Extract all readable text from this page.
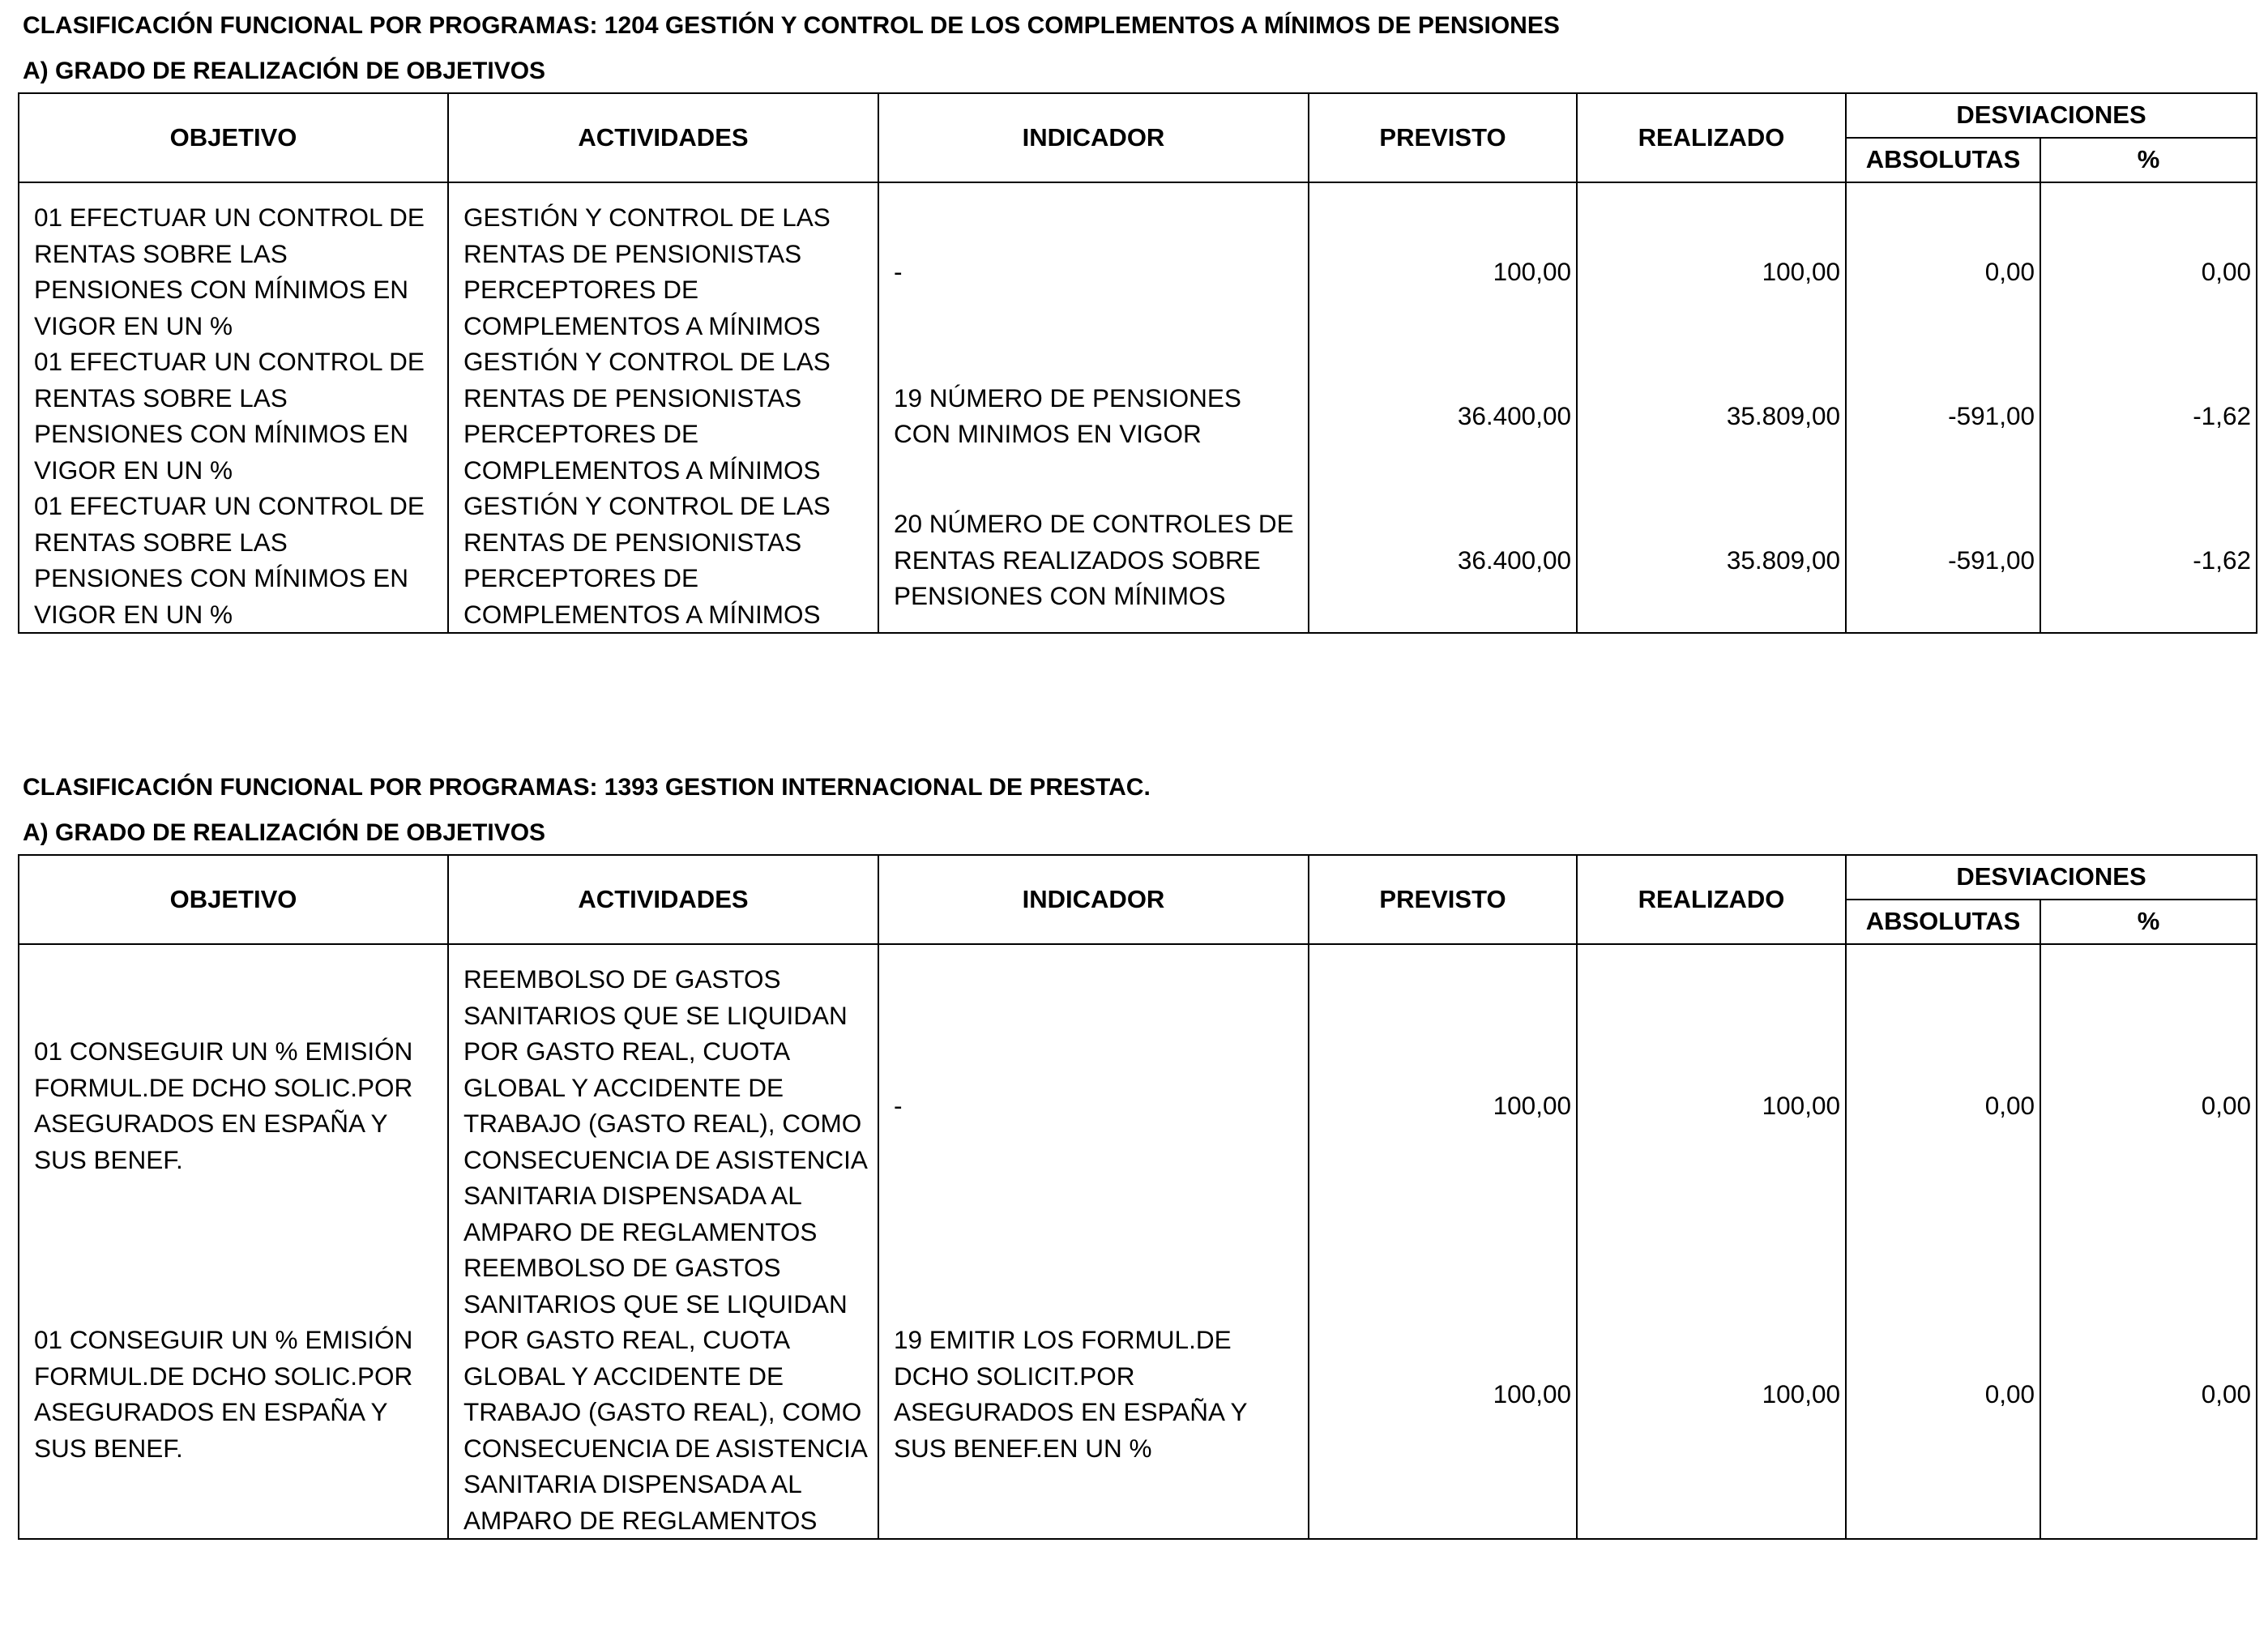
CLASIFICACIÓN FUNCIONAL POR PROGRAMAS: 1204 GESTIÓN Y CONTROL DE LOS COMPLEMENTOS A MÍNIMOS DE PENSIONES
A) GRADO DE REALIZACIÓN DE OBJETIVOS
OBJETIVO	ACTIVIDADES	INDICADOR	PREVISTO	REALIZADO	DESVIACIONES	
					ABSOLUTAS	%
01 EFECTUAR UN CONTROL DE RENTAS SOBRE LAS PENSIONES CON MÍNIMOS EN VIGOR EN UN %	GESTIÓN Y CONTROL DE LAS RENTAS DE PENSIONISTAS PERCEPTORES DE COMPLEMENTOS A MÍNIMOS	-	100,00	100,00	0,00	0,00
01 EFECTUAR UN CONTROL DE RENTAS SOBRE LAS PENSIONES CON MÍNIMOS EN VIGOR EN UN %	GESTIÓN Y CONTROL DE LAS RENTAS DE PENSIONISTAS PERCEPTORES DE COMPLEMENTOS A MÍNIMOS	19 NÚMERO DE PENSIONES CON MINIMOS EN VIGOR	36.400,00	35.809,00	-591,00	-1,62
01 EFECTUAR UN CONTROL DE RENTAS SOBRE LAS PENSIONES CON MÍNIMOS EN VIGOR EN UN %	GESTIÓN Y CONTROL DE LAS RENTAS DE PENSIONISTAS PERCEPTORES DE COMPLEMENTOS A MÍNIMOS	20 NÚMERO DE CONTROLES DE RENTAS REALIZADOS SOBRE PENSIONES CON MÍNIMOS	36.400,00	35.809,00	-591,00	-1,62
CLASIFICACIÓN FUNCIONAL POR PROGRAMAS: 1393 GESTION INTERNACIONAL DE PRESTAC.
A) GRADO DE REALIZACIÓN DE OBJETIVOS
OBJETIVO	ACTIVIDADES	INDICADOR	PREVISTO	REALIZADO	DESVIACIONES	
					ABSOLUTAS	%
01 CONSEGUIR UN % EMISIÓN FORMUL.DE DCHO SOLIC.POR ASEGURADOS EN ESPAÑA Y SUS BENEF.	REEMBOLSO DE GASTOS SANITARIOS QUE SE LIQUIDAN POR GASTO REAL, CUOTA GLOBAL Y ACCIDENTE DE TRABAJO (GASTO REAL), COMO CONSECUENCIA DE ASISTENCIA SANITARIA DISPENSADA AL AMPARO DE REGLAMENTOS	-	100,00	100,00	0,00	0,00
01 CONSEGUIR UN % EMISIÓN FORMUL.DE DCHO SOLIC.POR ASEGURADOS EN ESPAÑA Y SUS BENEF.	REEMBOLSO DE GASTOS SANITARIOS QUE SE LIQUIDAN POR GASTO REAL, CUOTA GLOBAL Y ACCIDENTE DE TRABAJO (GASTO REAL), COMO CONSECUENCIA DE ASISTENCIA SANITARIA DISPENSADA AL AMPARO DE REGLAMENTOS	19 EMITIR LOS FORMUL.DE DCHO SOLICIT.POR ASEGURADOS EN ESPAÑA Y SUS BENEF.EN UN %	100,00	100,00	0,00	0,00
